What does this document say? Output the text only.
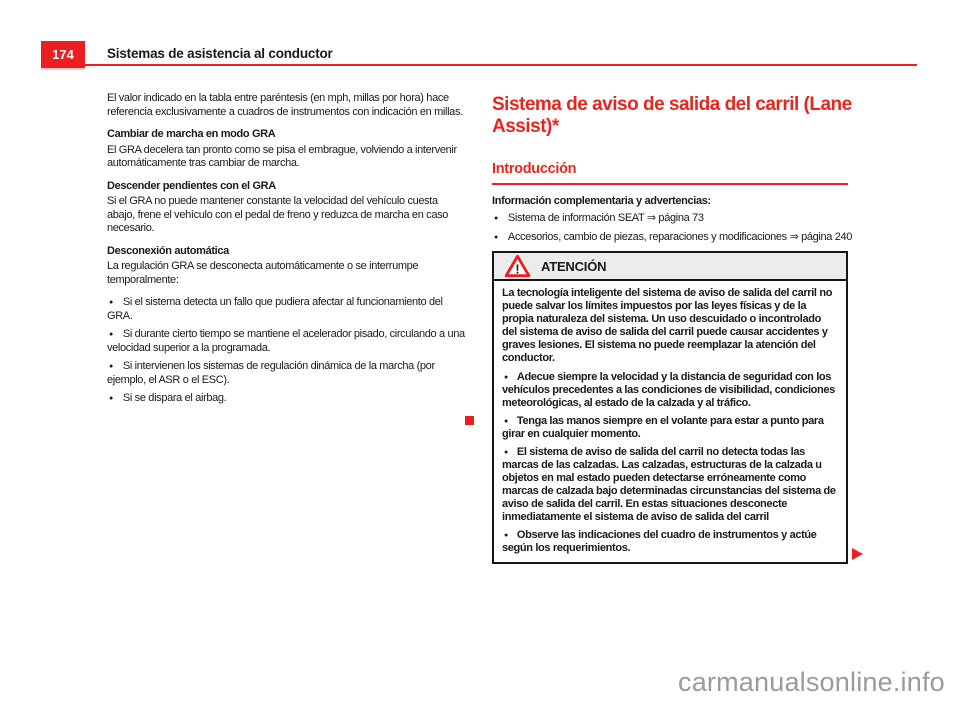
174 Sistemas de asistencia al conductor
El valor indicado en la tabla entre paréntesis (en mph, millas por hora) hace referencia exclusivamente a cuadros de instrumentos con indicación en millas.
Cambiar de marcha en modo GRA
El GRA decelera tan pronto como se pisa el embrague, volviendo a intervenir automáticamente tras cambiar de marcha.
Descender pendientes con el GRA
Si el GRA no puede mantener constante la velocidad del vehículo cuesta abajo, frene el vehículo con el pedal de freno y reduzca de marcha en caso necesario.
Desconexión automática
La regulación GRA se desconecta automáticamente o se interrumpe temporalmente:
● Si el sistema detecta un fallo que pudiera afectar al funcionamiento del GRA.
● Si durante cierto tiempo se mantiene el acelerador pisado, circulando a una velocidad superior a la programada.
● Si intervienen los sistemas de regulación dinámica de la marcha (por ejemplo, el ASR o el ESC).
● Si se dispara el airbag.
Sistema de aviso de salida del carril (Lane Assist)*
Introducción
Información complementaria y advertencias:
● Sistema de información SEAT ⇒ página 73
● Accesorios, cambio de piezas, reparaciones y modificaciones ⇒ página 240
! ATENCIÓN
La tecnología inteligente del sistema de aviso de salida del carril no puede salvar los límites impuestos por las leyes físicas y de la propia naturaleza del sistema. Un uso descuidado o incontrolado del sistema de aviso de salida del carril puede causar accidentes y graves lesiones. El sistema no puede reemplazar la atención del conductor.
● Adecue siempre la velocidad y la distancia de seguridad con los vehículos precedentes a las condiciones de visibilidad, condiciones meteorológicas, al estado de la calzada y al tráfico.
● Tenga las manos siempre en el volante para estar a punto para girar en cualquier momento.
● El sistema de aviso de salida del carril no detecta todas las marcas de las calzadas. Las calzadas, estructuras de la calzada u objetos en mal estado pueden detectarse erróneamente como marcas de calzada bajo determinadas circunstancias del sistema de aviso de salida del carril. En estas situaciones desconecte inmediatamente el sistema de aviso de salida del carril
● Observe las indicaciones del cuadro de instrumentos y actúe según los requerimientos.
carmanualsonline.info
